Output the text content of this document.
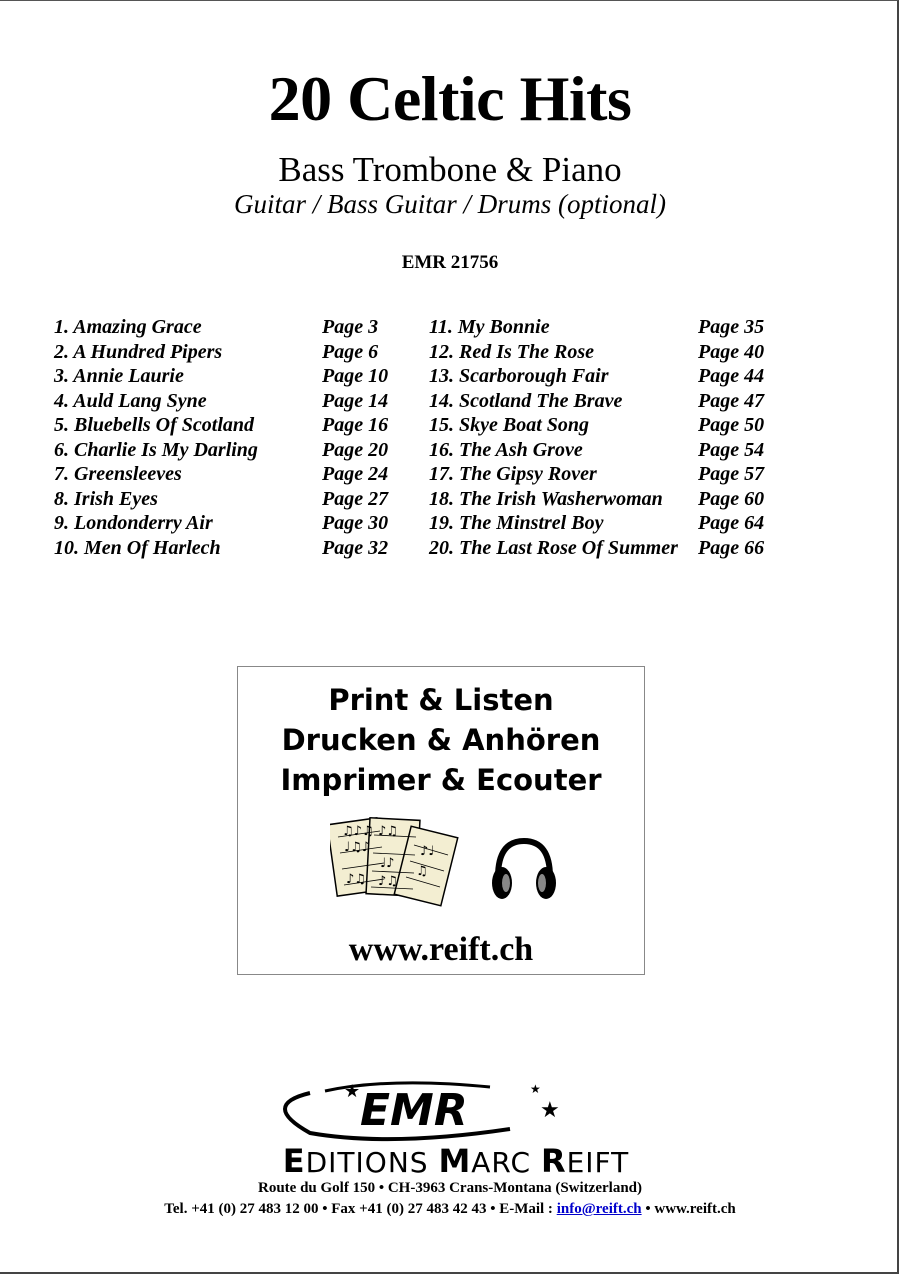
20 Celtic Hits
Bass Trombone & Piano
Guitar / Bass Guitar / Drums (optional)
EMR 21756
1. Amazing Grace	Page 3
2. A Hundred Pipers	Page 6
3. Annie Laurie	Page 10
4. Auld Lang Syne	Page 14
5. Bluebells Of Scotland	Page 16
6. Charlie Is My Darling	Page 20
7. Greensleeves	Page 24
8. Irish Eyes	Page 27
9. Londonderry Air	Page 30
10. Men Of Harlech	Page 32
11. My Bonnie	Page 35
12. Red Is The Rose	Page 40
13. Scarborough Fair	Page 44
14. Scotland The Brave	Page 47
15. Skye Boat Song	Page 50
16. The Ash Grove	Page 54
17. The Gipsy Rover	Page 57
18. The Irish Washerwoman Page 60
19. The Minstrel Boy	Page 64
20. The Last Rose Of Summer Page 66
Print & Listen
Drucken & Anhören
Imprimer & Ecouter
♫♪♫
♩♫♪
♪♫
♪♫
♩♪
♪♫
♪♩
♫
www.reift.ch
EMR
★
★
★
EDITIONS MARC REIFT
Route du Golf 150 • CH-3963 Crans-Montana (Switzerland)
Tel. +41 (0) 27 483 12 00 • Fax +41 (0) 27 483 42 43 • E-Mail : info@reift.ch • www.reift.ch
